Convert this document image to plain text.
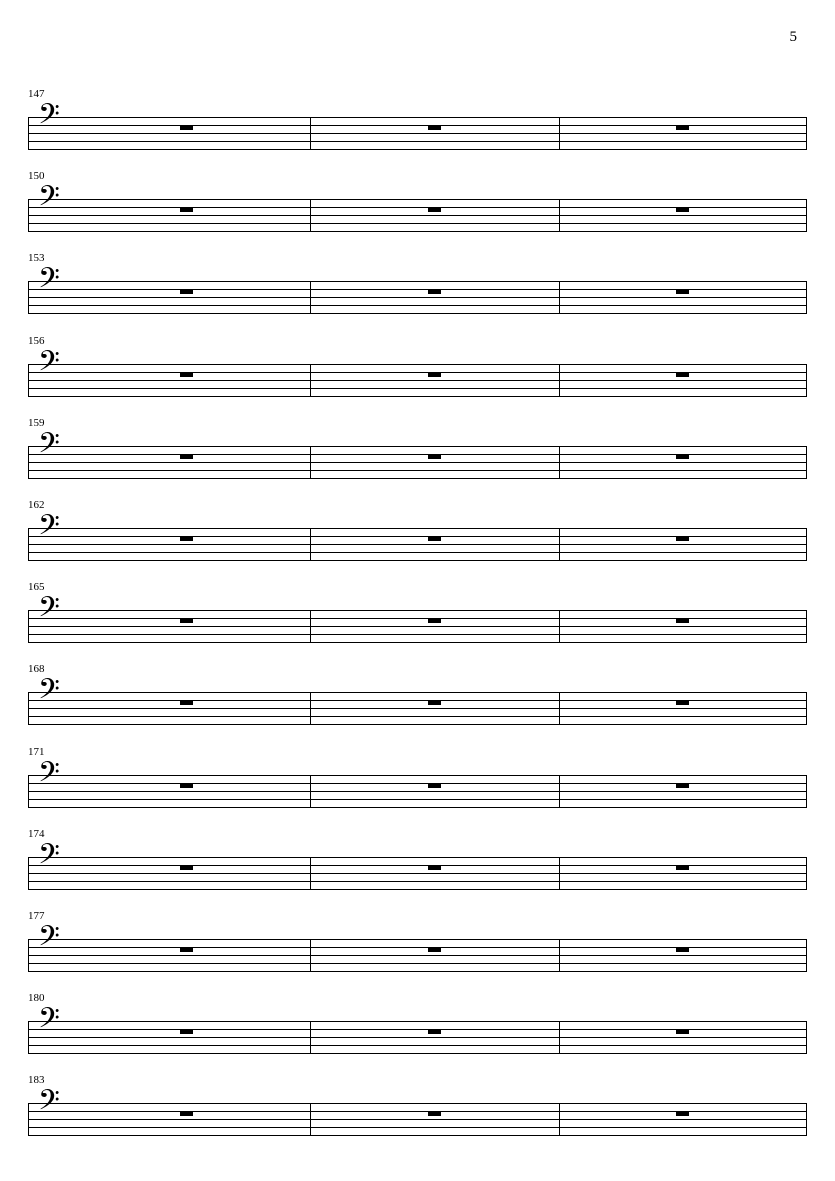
5
147
𝄢
150
𝄢
153
𝄢
156
𝄢
159
𝄢
162
𝄢
165
𝄢
168
𝄢
171
𝄢
174
𝄢
177
𝄢
180
𝄢
183
𝄢
